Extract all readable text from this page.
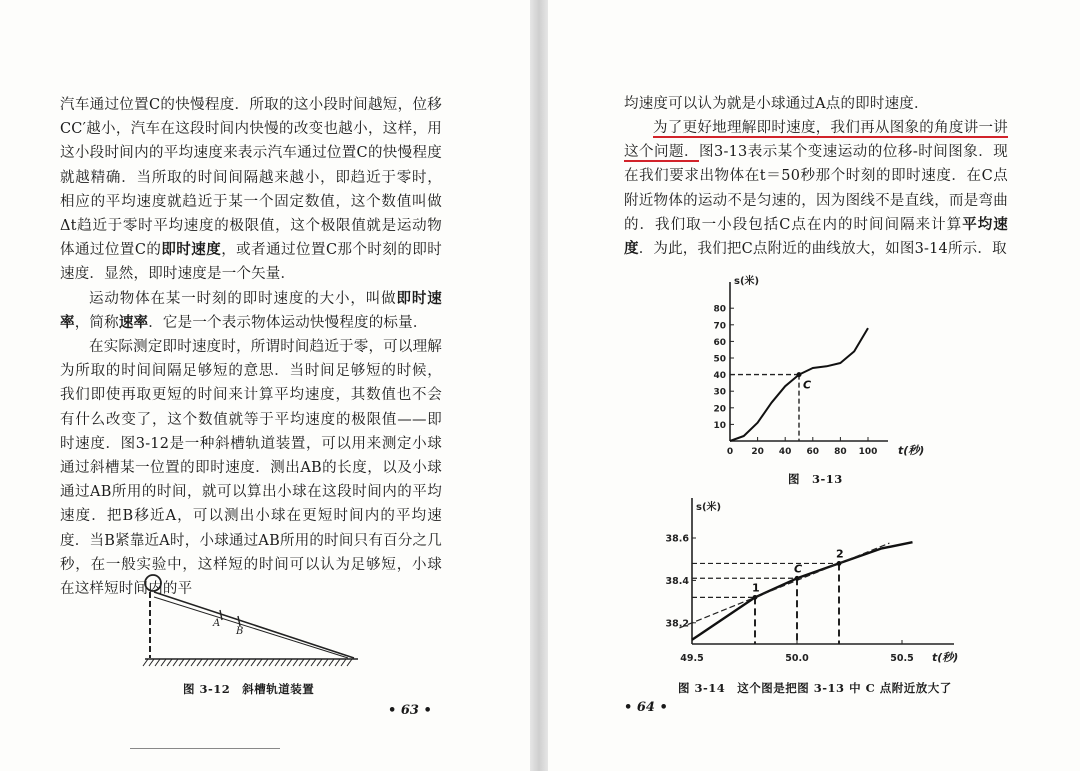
汽车通过位置C的快慢程度．所取的这小段时间越短，位移CC′越小，汽车在这段时间内快慢的改变也越小，这样，用这小段时间内的平均速度来表示汽车通过位置C的快慢程度就越精确．当所取的时间间隔越来越小，即趋近于零时，相应的平均速度就趋近于某一个固定数值，这个数值叫做Δt趋近于零时平均速度的极限值，这个极限值就是运动物体通过位置C的即时速度，或者通过位置C那个时刻的即时速度．显然，即时速度是一个矢量．

运动物体在某一时刻的即时速度的大小，叫做即时速率，简称速率．它是一个表示物体运动快慢程度的标量．

在实际测定即时速度时，所谓时间趋近于零，可以理解为所取的时间间隔足够短的意思．当时间足够短的时候，我们即使再取更短的时间来计算平均速度，其数值也不会有什么改变了，这个数值就等于平均速度的极限值——即时速度．图3-12是一种斜槽轨道装置，可以用来测定小球通过斜槽某一位置的即时速度．测出AB的长度，以及小球通过AB所用的时间，就可以算出小球在这段时间内的平均速度．把B移近A，可以测出小球在更短时间内的平均速度．当B紧靠近A时，小球通过AB所用的时间只有百分之几秒，在一般实验中，这样短的时间可以认为足够短，小球在这样短时间内的平

A
B
图 3-12　斜槽轨道装置
• 63 •

均速度可以认为就是小球通过A点的即时速度．

为了更好地理解即时速度，我们再从图象的角度讲一讲这个问题．图3-13表示某个变速运动的位移-时间图象．现在我们要求出物体在t＝50秒那个时刻的即时速度．在C点附近物体的运动不是匀速的，因为图线不是直线，而是弯曲的．我们取一小段包括C点在内的时间间隔来计算平均速度．为此，我们把C点附近的曲线放大，如图3-14所示．取

s(米)
t(秒)
10
20
30
40
50
60
70
80
0 20 40 60 80 100
C
图　3-13
s(米)
t(秒)
38.2
38.4
38.6
49.5	50.0	50.5
1
C
2
图 3-14　这个图是把图 3-13 中 C 点附近放大了
• 64 •
